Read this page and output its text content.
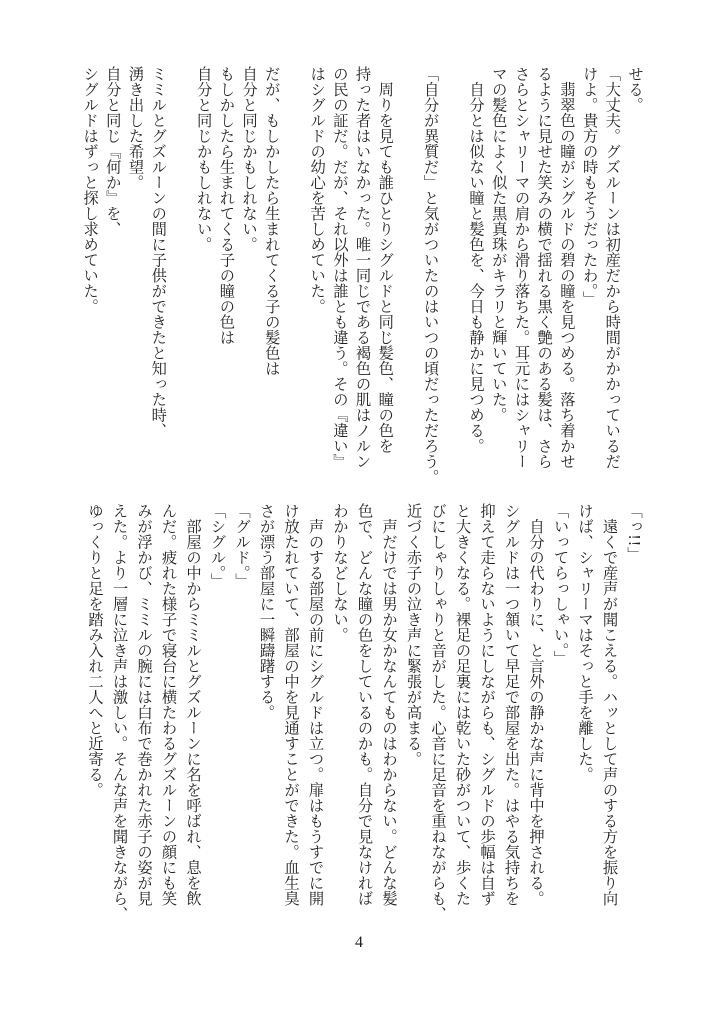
せる。
「大丈夫。グズルーンは初産だから時間がかかっているだ
けよ。貴方の時もそうだったわ。」
　翡翠色の瞳がシグルドの碧の瞳を見つめる。落ち着かせ
るように見せた笑みの横で揺れる黒く艶のある髪は、さら
さらとシャリーマの肩から滑り落ちた。耳元にはシャリー
マの髪色によく似た黒真珠がキラリと輝いていた。
　自分とは似ない瞳と髪色を、今日も静かに見つめる。

「自分が異質だ」と気がついたのはいつの頃だっただろう。

　周りを見ても誰ひとりシグルドと同じ髪色、瞳の色を
持った者はいなかった。唯一同じである褐色の肌はノルン
の民の証だ。だが、それ以外は誰とも違う。その『違い』
はシグルドの幼心を苦しめていた。

だが、もしかしたら生まれてくる子の髪色は
自分と同じかもしれない。
もしかしたら生まれてくる子の瞳の色は
自分と同じかもしれない。

ミミルとグズルーンの間に子供ができたと知った時、
湧き出した希望。
自分と同じ『何か』を、
シグルドはずっと探し求めていた。
「っ!!」
　遠くで産声が聞こえる。ハッとして声のする方を振り向
けば、シャリーマはそっと手を離した。
「いってらっしゃい。」
　自分の代わりに、と言外の静かな声に背中を押される。
シグルドは一つ頷いて早足で部屋を出た。はやる気持ちを
抑えて走らないようにしながらも、シグルドの歩幅は自ず
と大きくなる。裸足の足裏には乾いた砂がついて、歩くた
びにしゃりしゃりと音がした。心音に足音を重ねながらも、
近づく赤子の泣き声に緊張が高まる。
　声だけでは男か女かなんてものはわからない。どんな髪
色で、どんな瞳の色をしているのかも。自分で見なければ
わかりなどしない。
　声のする部屋の前にシグルドは立つ。扉はもうすでに開
け放たれていて、部屋の中を見通すことができた。血生臭
さが漂う部屋に一瞬躊躇する。
「グルド。」
「シグル。」
　部屋の中からミミルとグズルーンに名を呼ばれ、息を飲
んだ。疲れた様子で寝台に横たわるグズルーンの顔にも笑
みが浮かび、ミミルの腕には白布で巻かれた赤子の姿が見
えた。より一層に泣き声は激しい。そんな声を聞きながら、
ゆっくりと足を踏み入れ二人へと近寄る。
4
